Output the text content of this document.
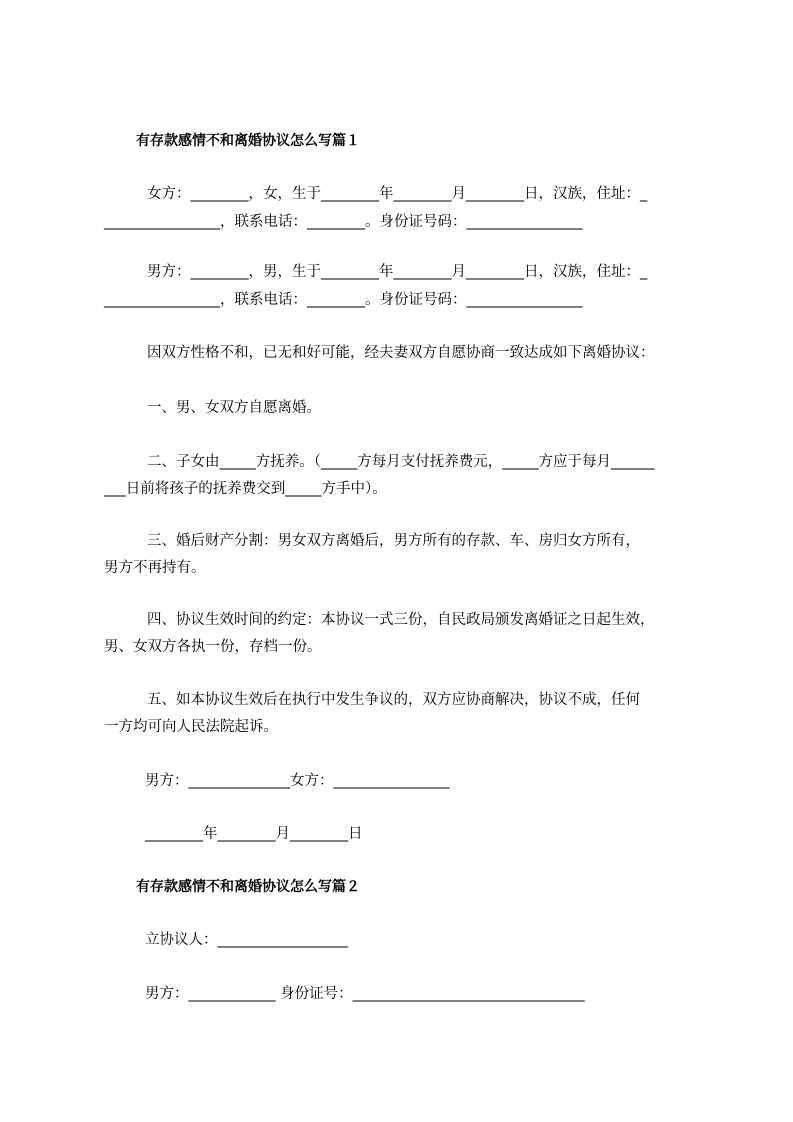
有存款感情不和离婚协议怎么写篇１
女方：________，女，生于________年________月________日，汉族，住址：_
________________，联系电话：________。身份证号码：________________
男方：________，男，生于________年________月________日，汉族，住址：_
________________，联系电话：________。身份证号码：________________
因双方性格不和，已无和好可能，经夫妻双方自愿协商一致达成如下离婚协议：
一、男、女双方自愿离婚。
二、子女由_____方抚养。（_____方每月支付抚养费元，_____方应于每月______
___日前将孩子的抚养费交到_____方手中）。
三、婚后财产分割：男女双方离婚后，男方所有的存款、车、房归女方所有，
男方不再持有。
四、协议生效时间的约定：本协议一式三份，自民政局颁发离婚证之日起生效，
男、女双方各执一份，存档一份。
五、如本协议生效后在执行中发生争议的，双方应协商解决，协议不成，任何
一方均可向人民法院起诉。
男方：______________女方：________________
________年________月________日
有存款感情不和离婚协议怎么写篇２
立协议人：__________________
男方：____________ 身份证号：________________________________
